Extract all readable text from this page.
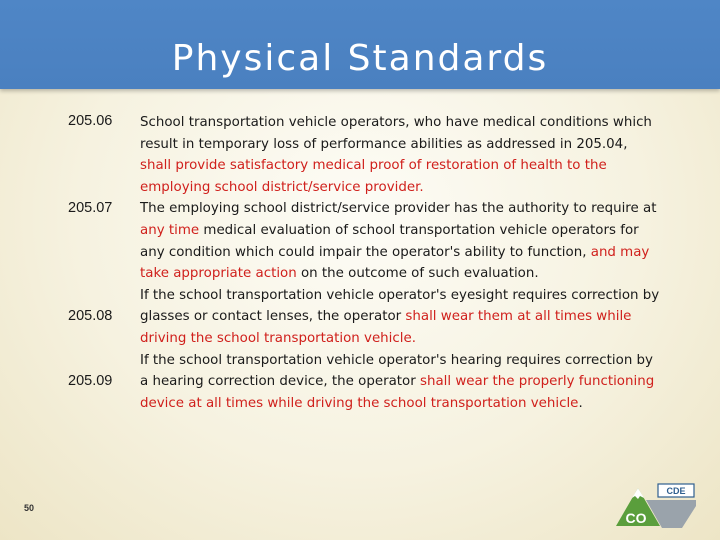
Physical Standards
205.06
205.07
205.08
205.09

School transportation vehicle operators, who have medical conditions which result in temporary loss of performance abilities as addressed in 205.04, shall provide satisfactory medical proof of restoration of health to the employing school district/service provider.

The employing school district/service provider has the authority to require at any time medical evaluation of school transportation vehicle operators for any condition which could impair the operator's ability to function, and may take appropriate action on the outcome of such evaluation.

If the school transportation vehicle operator's eyesight requires correction by glasses or contact lenses, the operator shall wear them at all times while driving the school transportation vehicle.

If the school transportation vehicle operator's hearing requires correction by a hearing correction device, the operator shall wear the properly functioning device at all times while driving the school transportation vehicle.

50
CDE
CO
